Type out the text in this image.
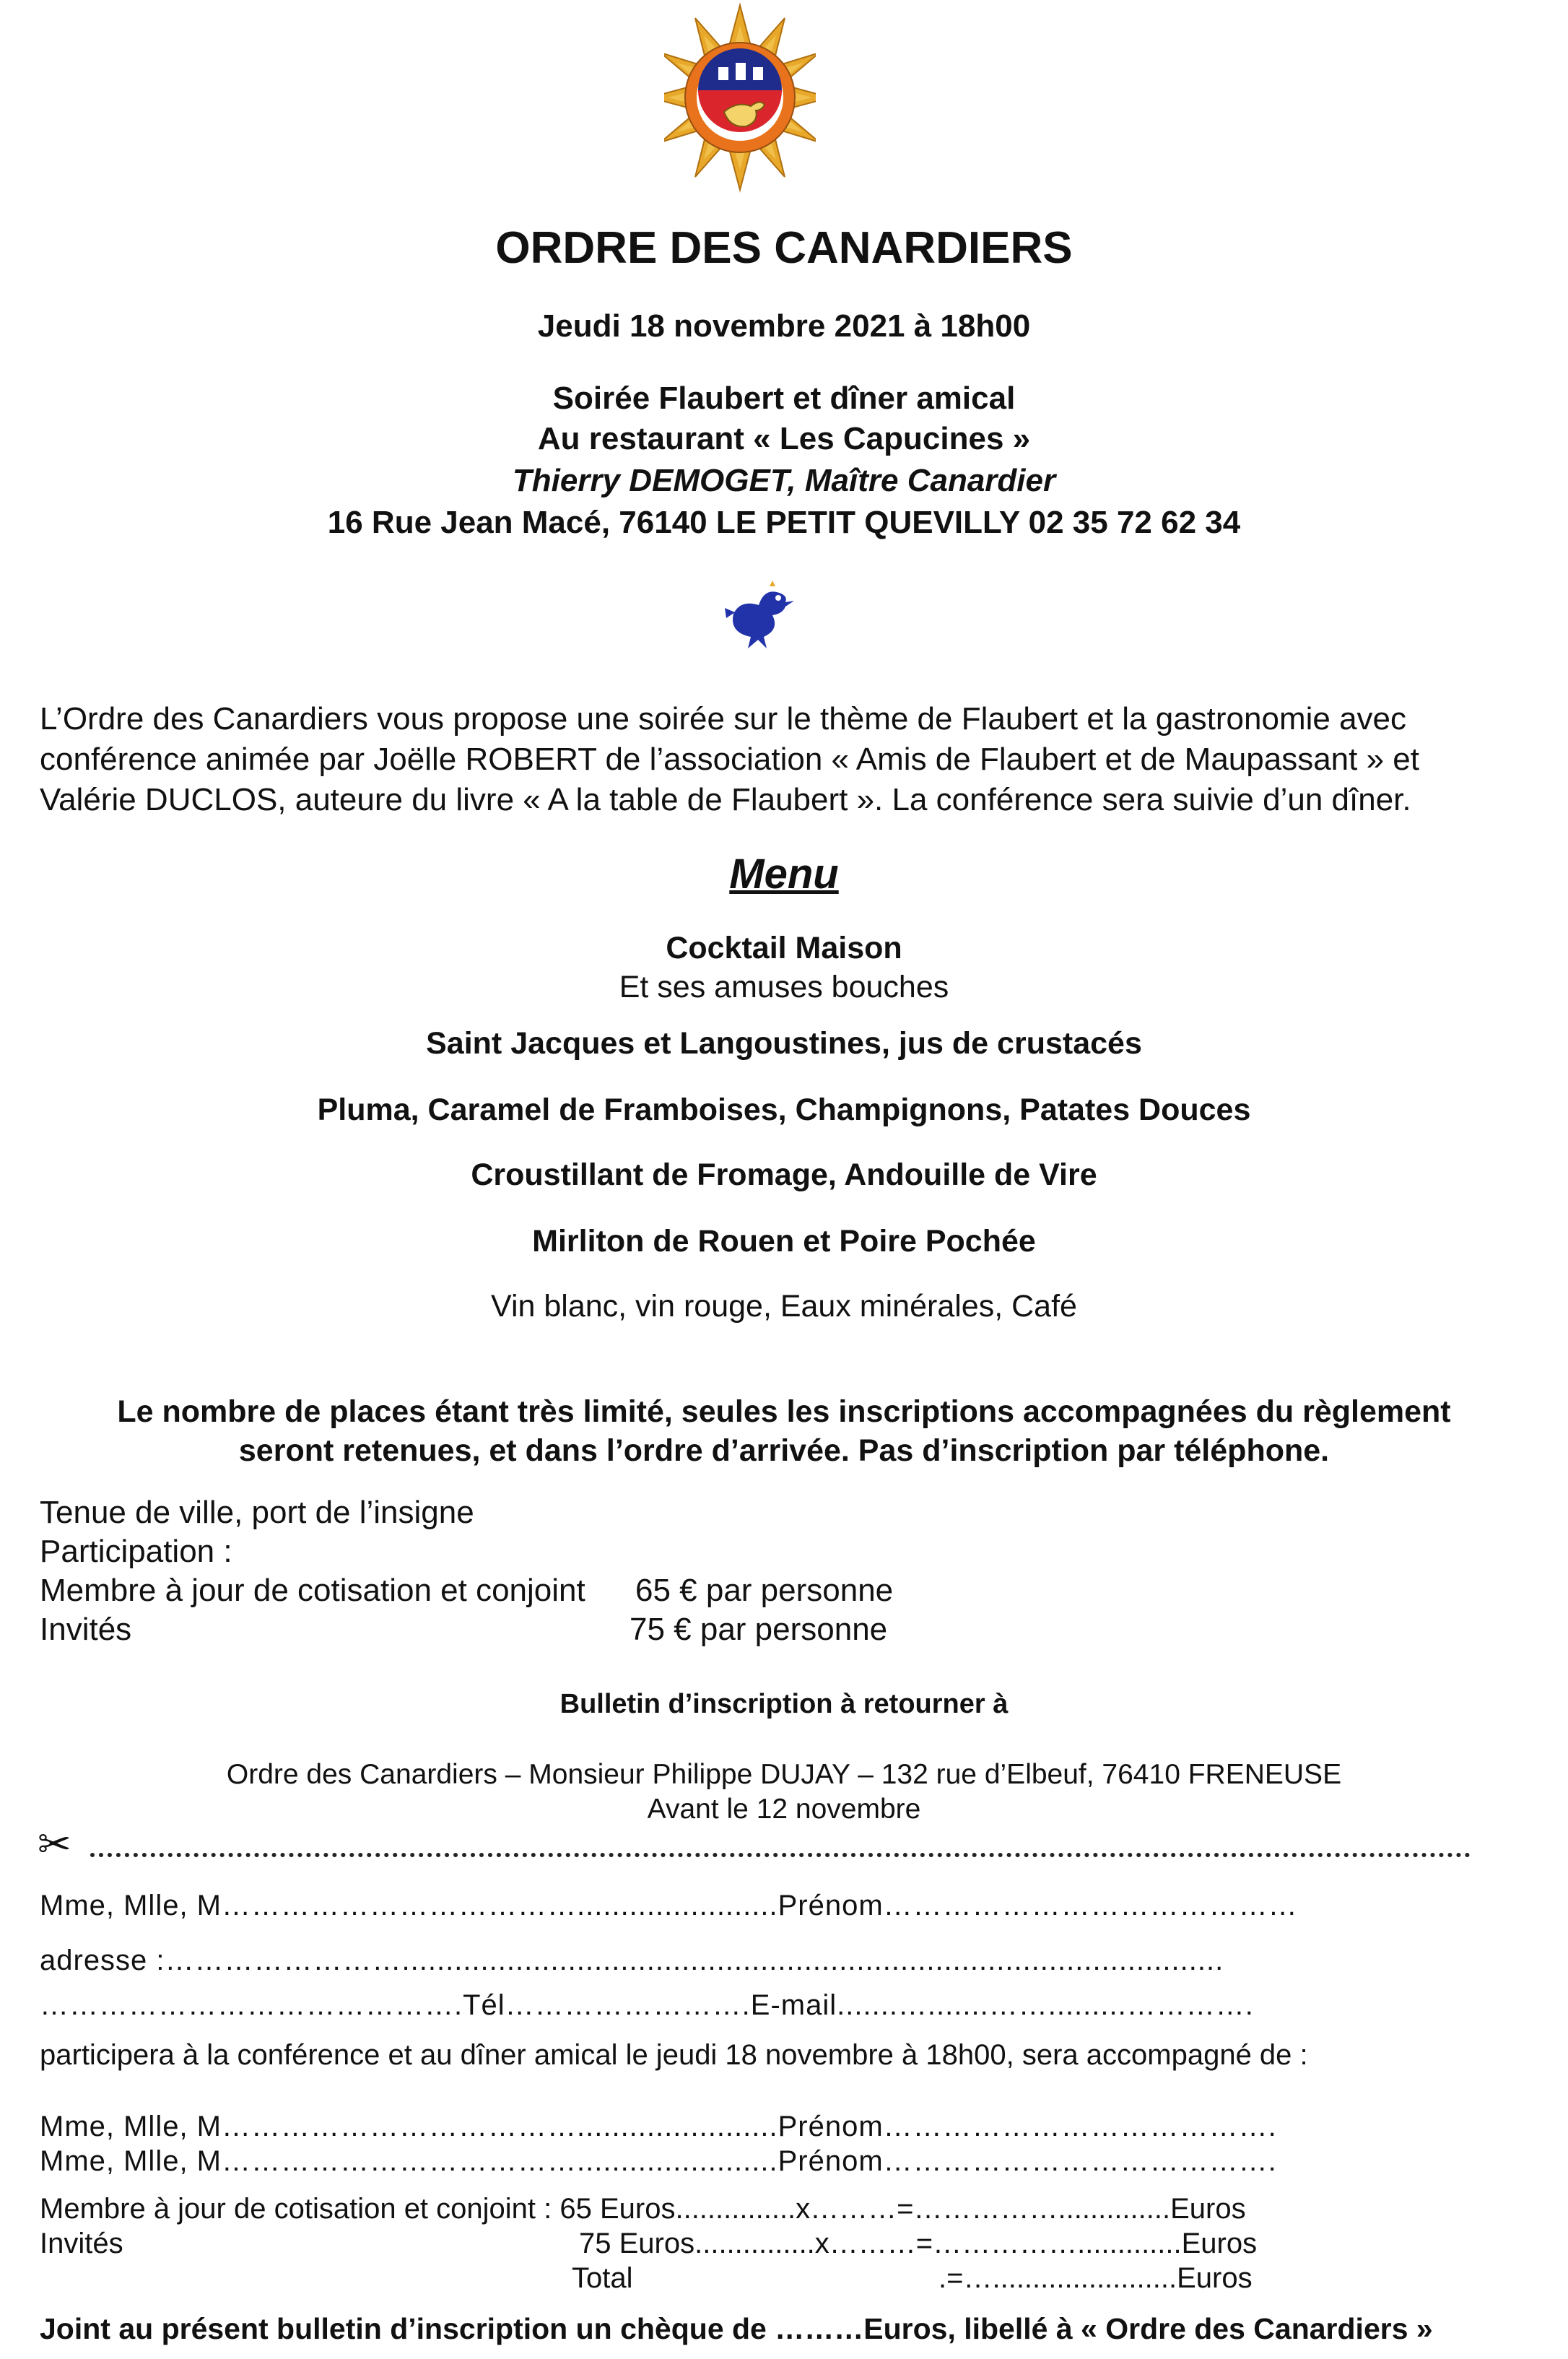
ORDRE DES CANARDIERS
Jeudi 18 novembre 2021 à 18h00
Soirée Flaubert et dîner amical
Au restaurant « Les Capucines »
Thierry DEMOGET, Maître Canardier
16 Rue Jean Macé, 76140 LE PETIT QUEVILLY 02 35 72 62 34
L’Ordre des Canardiers vous propose une soirée sur le thème de Flaubert et la gastronomie avec
conférence animée par Joëlle ROBERT de l’association « Amis de Flaubert et de Maupassant » et
Valérie DUCLOS, auteure du livre « A la table de Flaubert ». La conférence sera suivie d’un dîner.
Menu
Cocktail Maison
Et ses amuses bouches
Saint Jacques et Langoustines, jus de crustacés
Pluma, Caramel de Framboises, Champignons, Patates Douces
Croustillant de Fromage, Andouille de Vire
Mirliton de Rouen et Poire Pochée
Vin blanc, vin rouge, Eaux minérales, Café
Le nombre de places étant très limité, seules les inscriptions accompagnées du règlement
seront retenues, et dans l’ordre d’arrivée. Pas d’inscription par téléphone.
Tenue de ville, port de l’insigne
Participation :
Membre à jour de cotisation et conjoint 65 € par personne
Invités	75 € par personne
Bulletin d’inscription à retourner à
Ordre des Canardiers – Monsieur Philippe DUJAY – 132 rue d’Elbeuf, 76410 FRENEUSE
Avant le 12 novembre
✂
Mme, Mlle, M……………………………….......................Prénom……………………………………
adresse :……………………..............................................................................................
…………………………………….Tél…………………….E-mail.......….......…….........………….
participera à la conférence et au dîner amical le jeudi 18 novembre à 18h00, sera accompagné de :
Mme, Mlle, M……………………………….......................Prénom………………………………….
Mme, Mlle, M……………………………….......................Prénom………………………………….
Membre à jour de cotisation et conjoint : 65 Euros...............x………=……………..............Euros
Invités	75 Euros...............x………=…………….............Euros
Total	.=….......................Euros
Joint au présent bulletin d’inscription un chèque de ………Euros, libellé à « Ordre des Canardiers »
